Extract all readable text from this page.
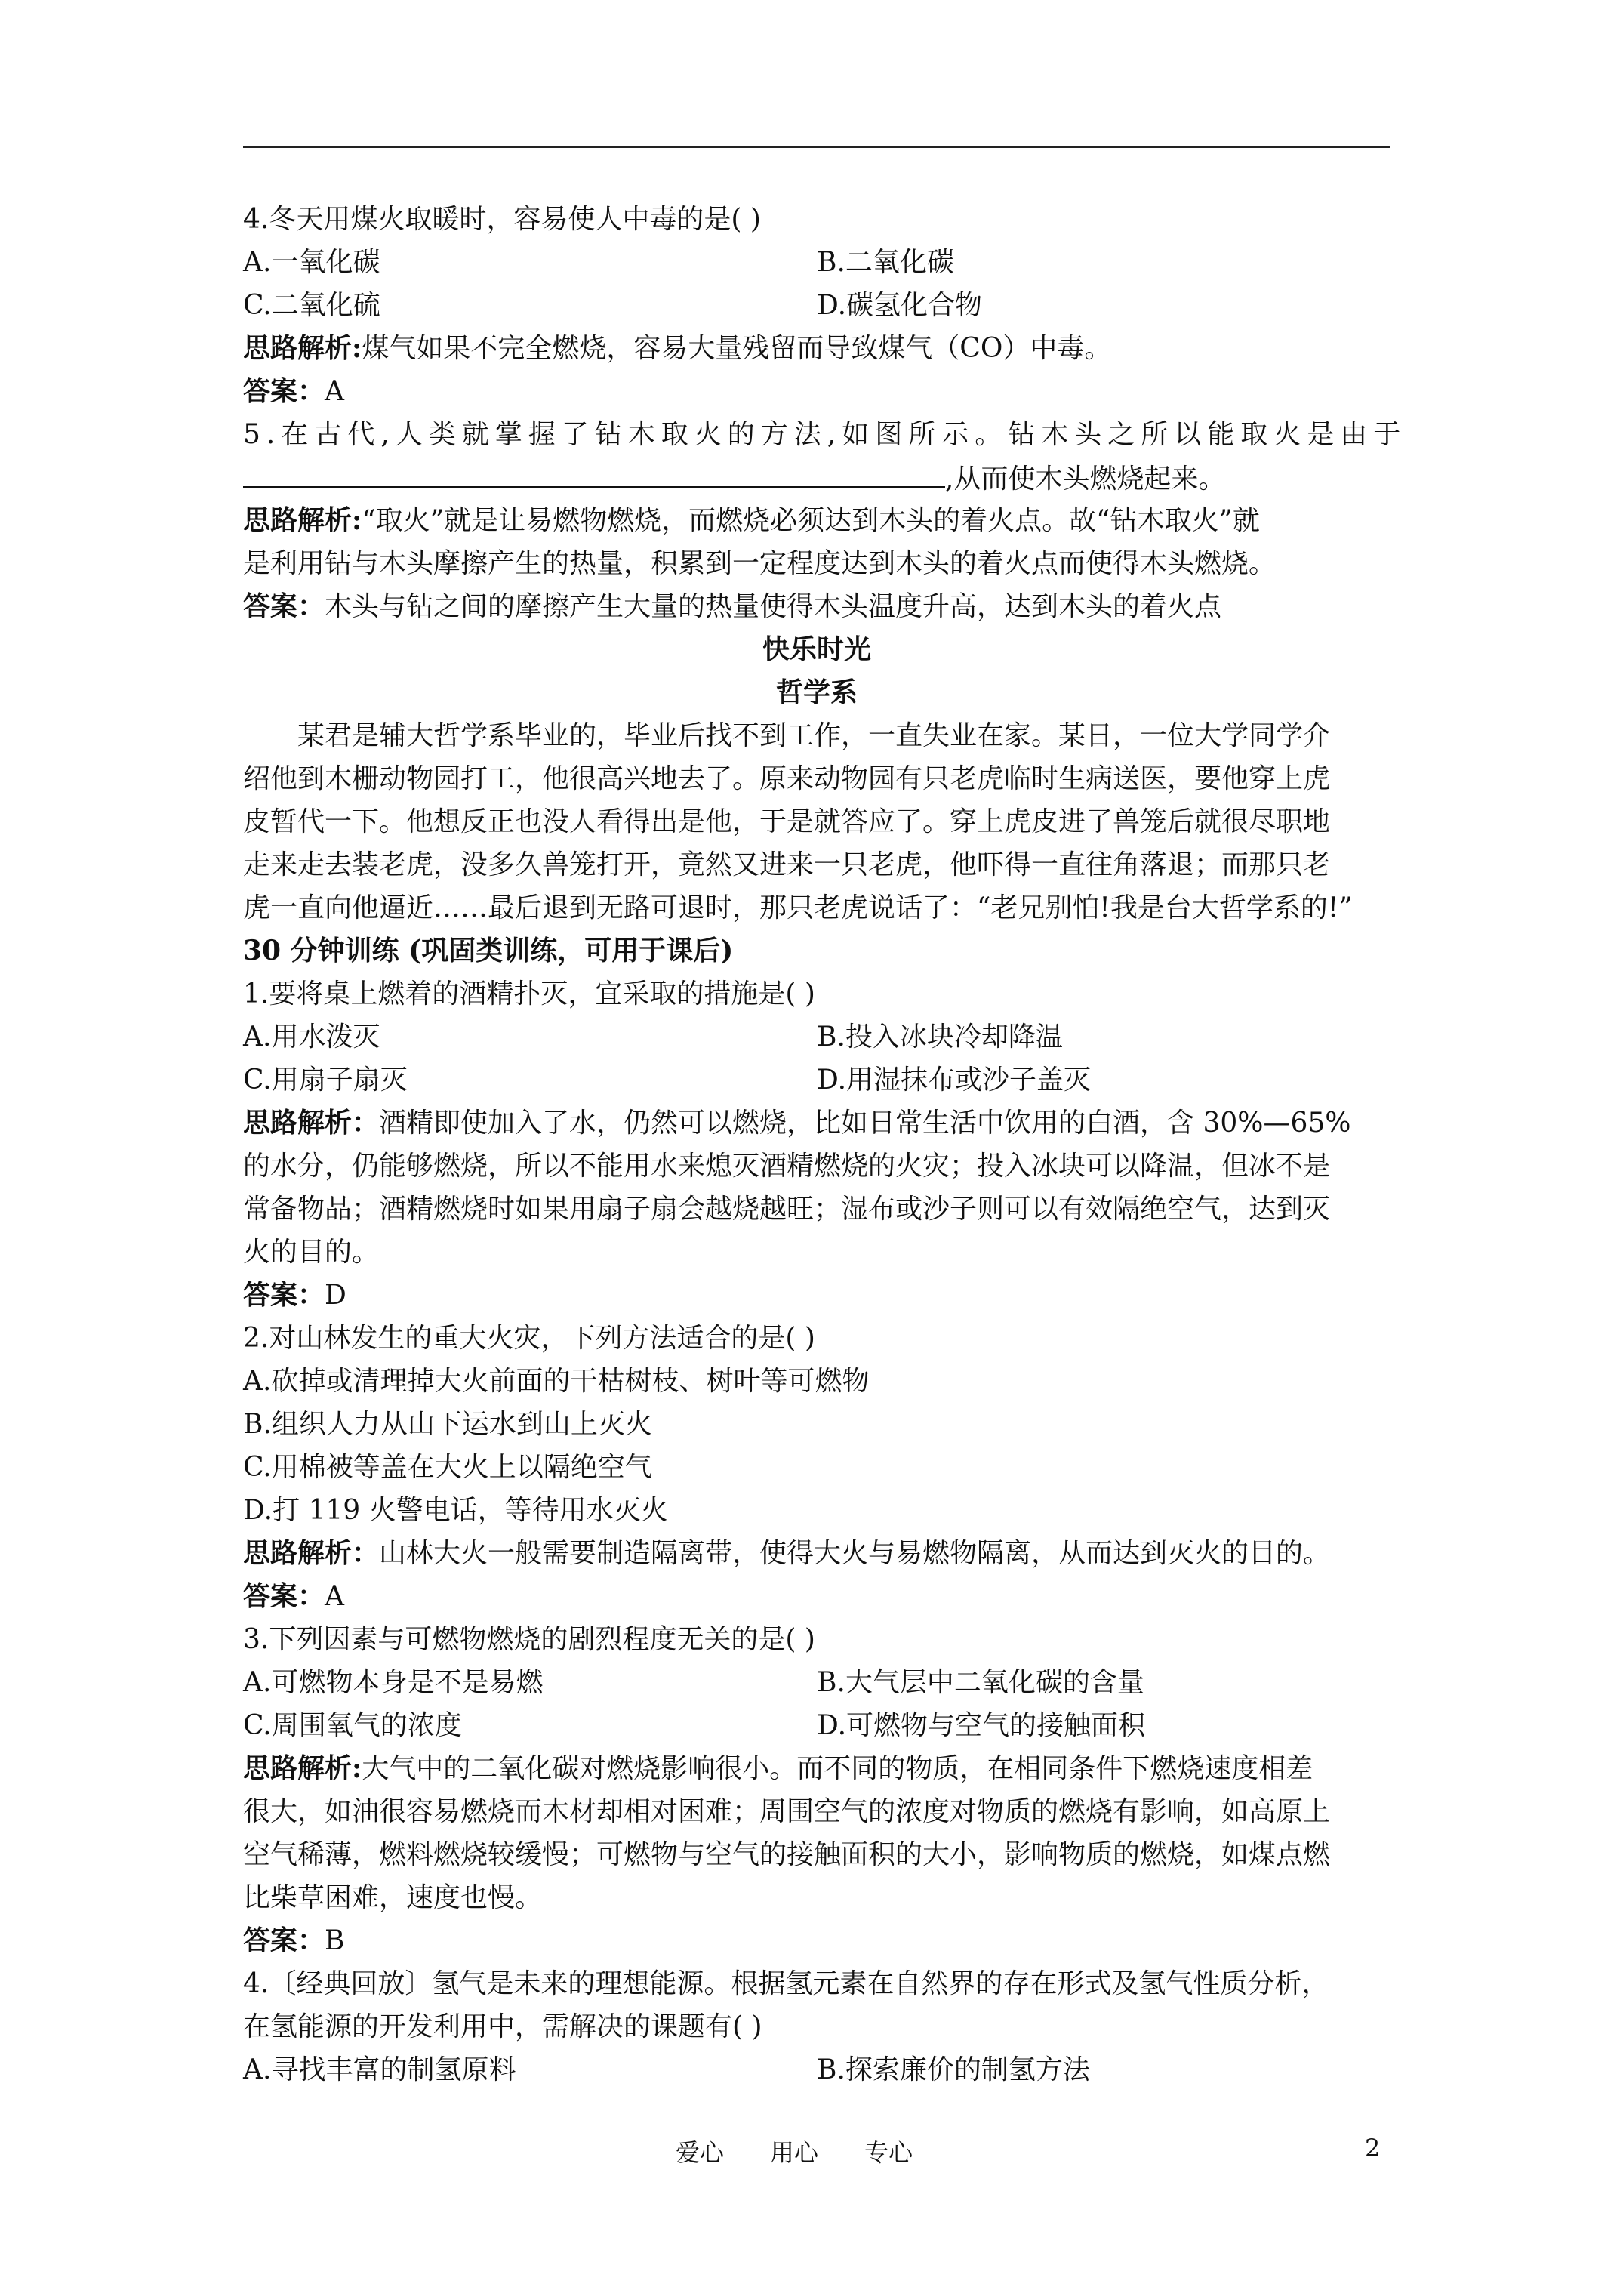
4.冬天用煤火取暖时，容易使人中毒的是( )
A.一氧化碳	B.二氧化碳
C.二氧化硫	D.碳氢化合物
思路解析:煤气如果不完全燃烧，容易大量残留而导致煤气（CO）中毒。
答案：A
5.在古代,人类就掌握了钻木取火的方法,如图所示。钻木头之所以能取火是由于
,从而使木头燃烧起来。
思路解析:“取火”就是让易燃物燃烧，而燃烧必须达到木头的着火点。故“钻木取火”就
是利用钻与木头摩擦产生的热量，积累到一定程度达到木头的着火点而使得木头燃烧。
答案：木头与钻之间的摩擦产生大量的热量使得木头温度升高，达到木头的着火点
快乐时光
哲学系
某君是辅大哲学系毕业的，毕业后找不到工作，一直失业在家。某日，一位大学同学介
绍他到木栅动物园打工，他很高兴地去了。原来动物园有只老虎临时生病送医，要他穿上虎
皮暂代一下。他想反正也没人看得出是他，于是就答应了。穿上虎皮进了兽笼后就很尽职地
走来走去装老虎，没多久兽笼打开，竟然又进来一只老虎，他吓得一直往角落退；而那只老
虎一直向他逼近……最后退到无路可退时，那只老虎说话了：“老兄别怕!我是台大哲学系的!”
30 分钟训练 (巩固类训练，可用于课后)
1.要将桌上燃着的酒精扑灭，宜采取的措施是( )
A.用水泼灭	B.投入冰块冷却降温
C.用扇子扇灭	D.用湿抹布或沙子盖灭
思路解析：酒精即使加入了水，仍然可以燃烧，比如日常生活中饮用的白酒，含 30%—65%
的水分，仍能够燃烧，所以不能用水来熄灭酒精燃烧的火灾；投入冰块可以降温，但冰不是
常备物品；酒精燃烧时如果用扇子扇会越烧越旺；湿布或沙子则可以有效隔绝空气，达到灭
火的目的。
答案：D
2.对山林发生的重大火灾，下列方法适合的是( )
A.砍掉或清理掉大火前面的干枯树枝、树叶等可燃物
B.组织人力从山下运水到山上灭火
C.用棉被等盖在大火上以隔绝空气
D.打 119 火警电话，等待用水灭火
思路解析：山林大火一般需要制造隔离带，使得大火与易燃物隔离，从而达到灭火的目的。
答案：A
3.下列因素与可燃物燃烧的剧烈程度无关的是( )
A.可燃物本身是不是易燃	B.大气层中二氧化碳的含量
C.周围氧气的浓度	D.可燃物与空气的接触面积
思路解析:大气中的二氧化碳对燃烧影响很小。而不同的物质，在相同条件下燃烧速度相差
很大，如油很容易燃烧而木材却相对困难；周围空气的浓度对物质的燃烧有影响，如高原上
空气稀薄，燃料燃烧较缓慢；可燃物与空气的接触面积的大小，影响物质的燃烧，如煤点燃
比柴草困难，速度也慢。
答案：B
4.〔经典回放〕氢气是未来的理想能源。根据氢元素在自然界的存在形式及氢气性质分析，
在氢能源的开发利用中，需解决的课题有( )
A.寻找丰富的制氢原料	B.探索廉价的制氢方法
爱心      用心      专心	2
